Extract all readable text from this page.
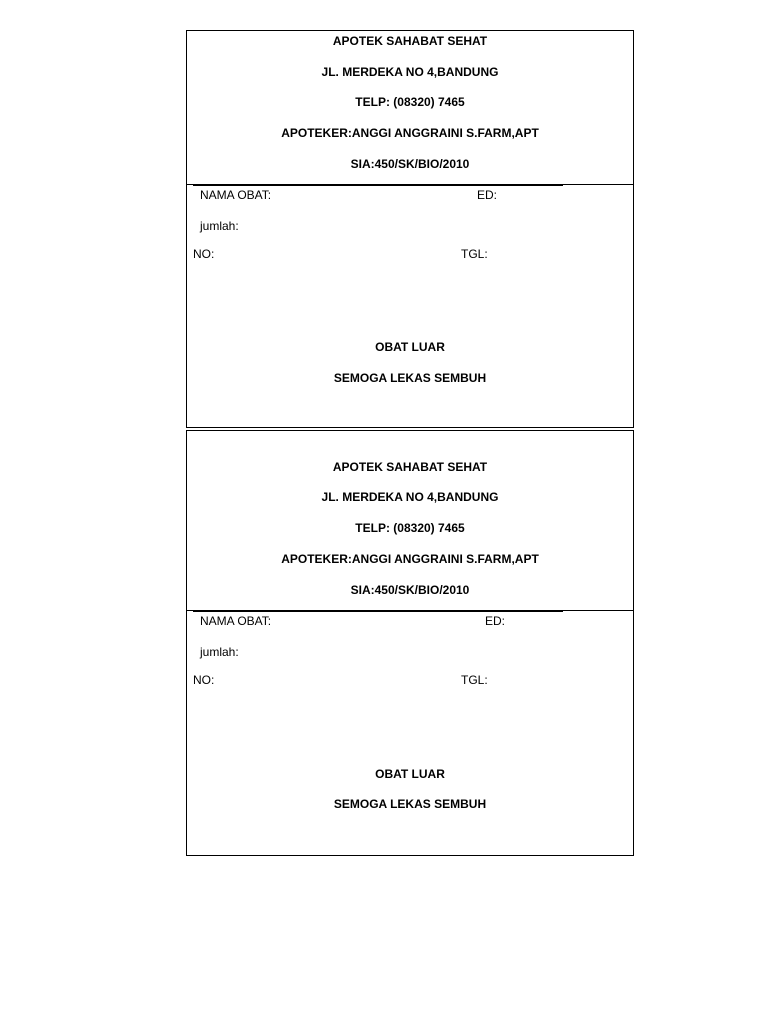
APOTEK SAHABAT SEHAT
JL. MERDEKA NO 4,BANDUNG
TELP: (08320) 7465
APOTEKER:ANGGI ANGGRAINI S.FARM,APT
SIA:450/SK/BIO/2010
NAMA OBAT:	ED:
jumlah:
NO:	TGL:
OBAT LUAR
SEMOGA LEKAS SEMBUH
APOTEK SAHABAT SEHAT
JL. MERDEKA NO 4,BANDUNG
TELP: (08320) 7465
APOTEKER:ANGGI ANGGRAINI S.FARM,APT
SIA:450/SK/BIO/2010
NAMA OBAT:	ED:
jumlah:
NO:	TGL:
OBAT LUAR
SEMOGA LEKAS SEMBUH
